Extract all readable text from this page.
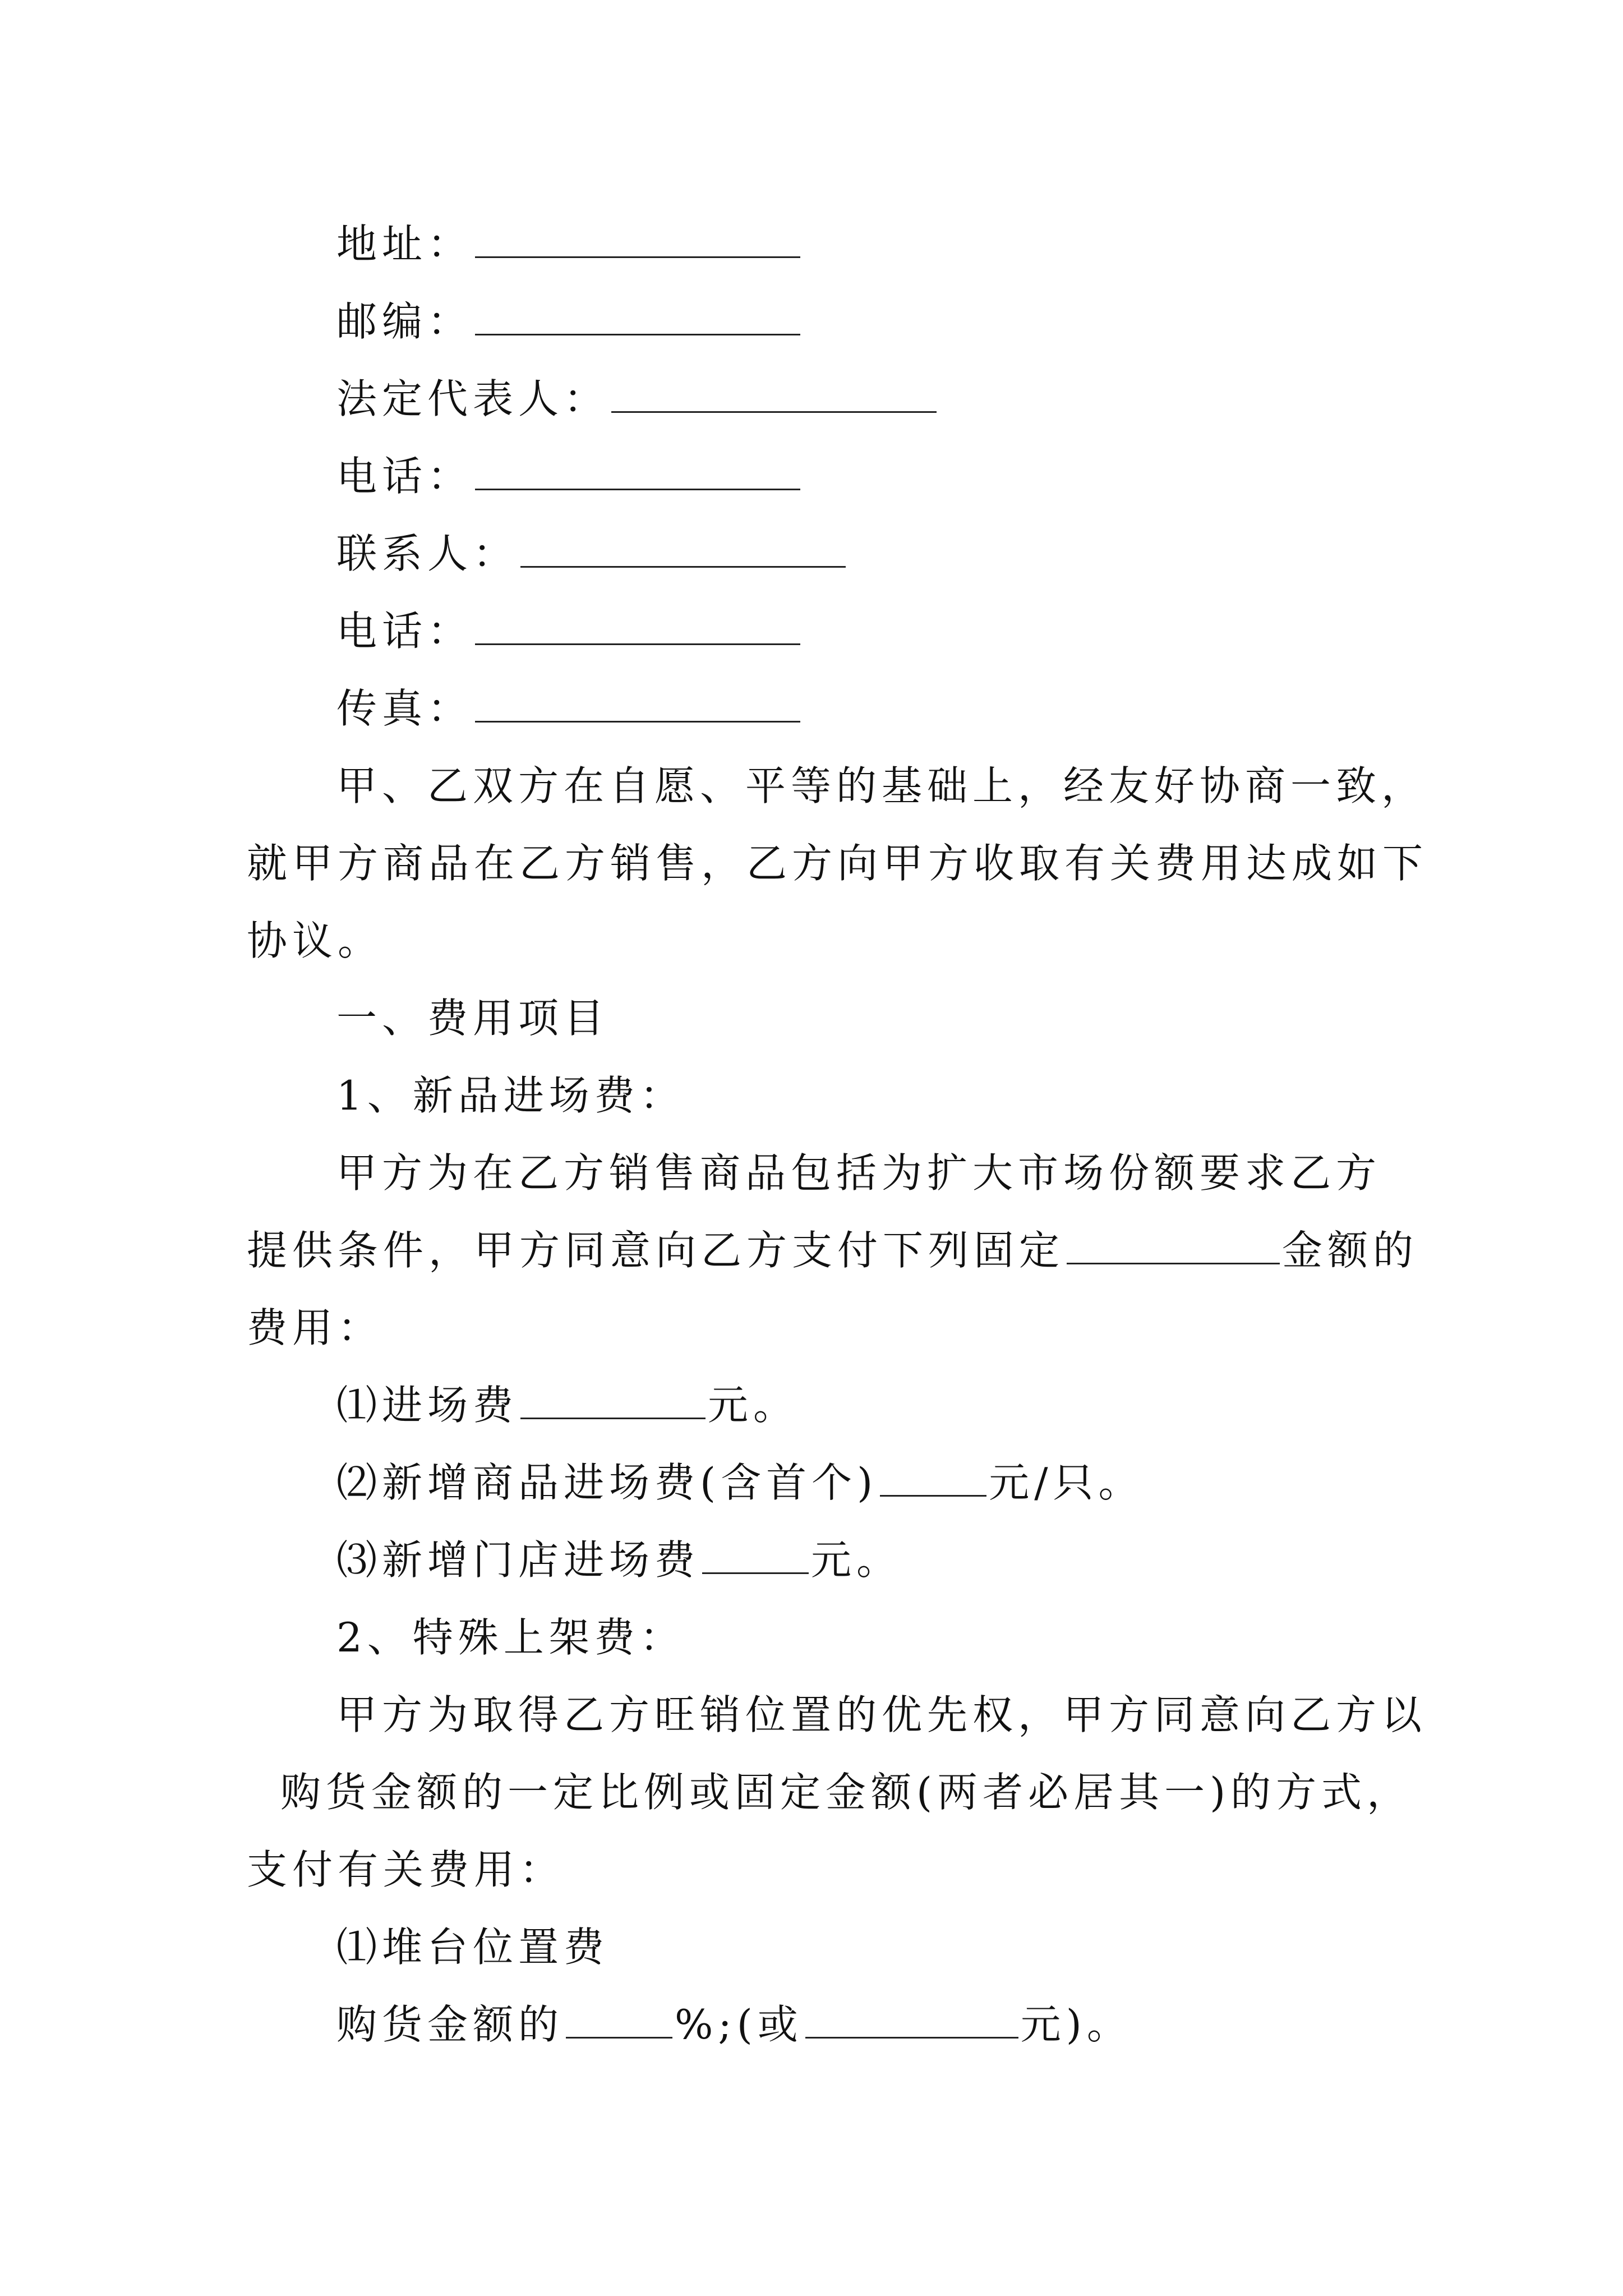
地址：
邮编：
法定代表人：
电话：
联系人：
电话：
传真：
甲、乙双方在自愿、平等的基础上，经友好协商一致，
就甲方商品在乙方销售，乙方向甲方收取有关费用达成如下
协议。
一、费用项目
1、新品进场费：
甲方为在乙方销售商品包括为扩大市场份额要求乙方
提供条件，甲方同意向乙方支付下列固定	金额的
费用：
⑴进场费	元。
⑵新增商品进场费(含首个)	元/只。
⑶新增门店进场费	元。
2、特殊上架费：
甲方为取得乙方旺销位置的优先权，甲方同意向乙方以
购货金额的一定比例或固定金额(两者必居其一)的方式，
支付有关费用：
⑴堆台位置费
购货金额的	%;(或	元)。
